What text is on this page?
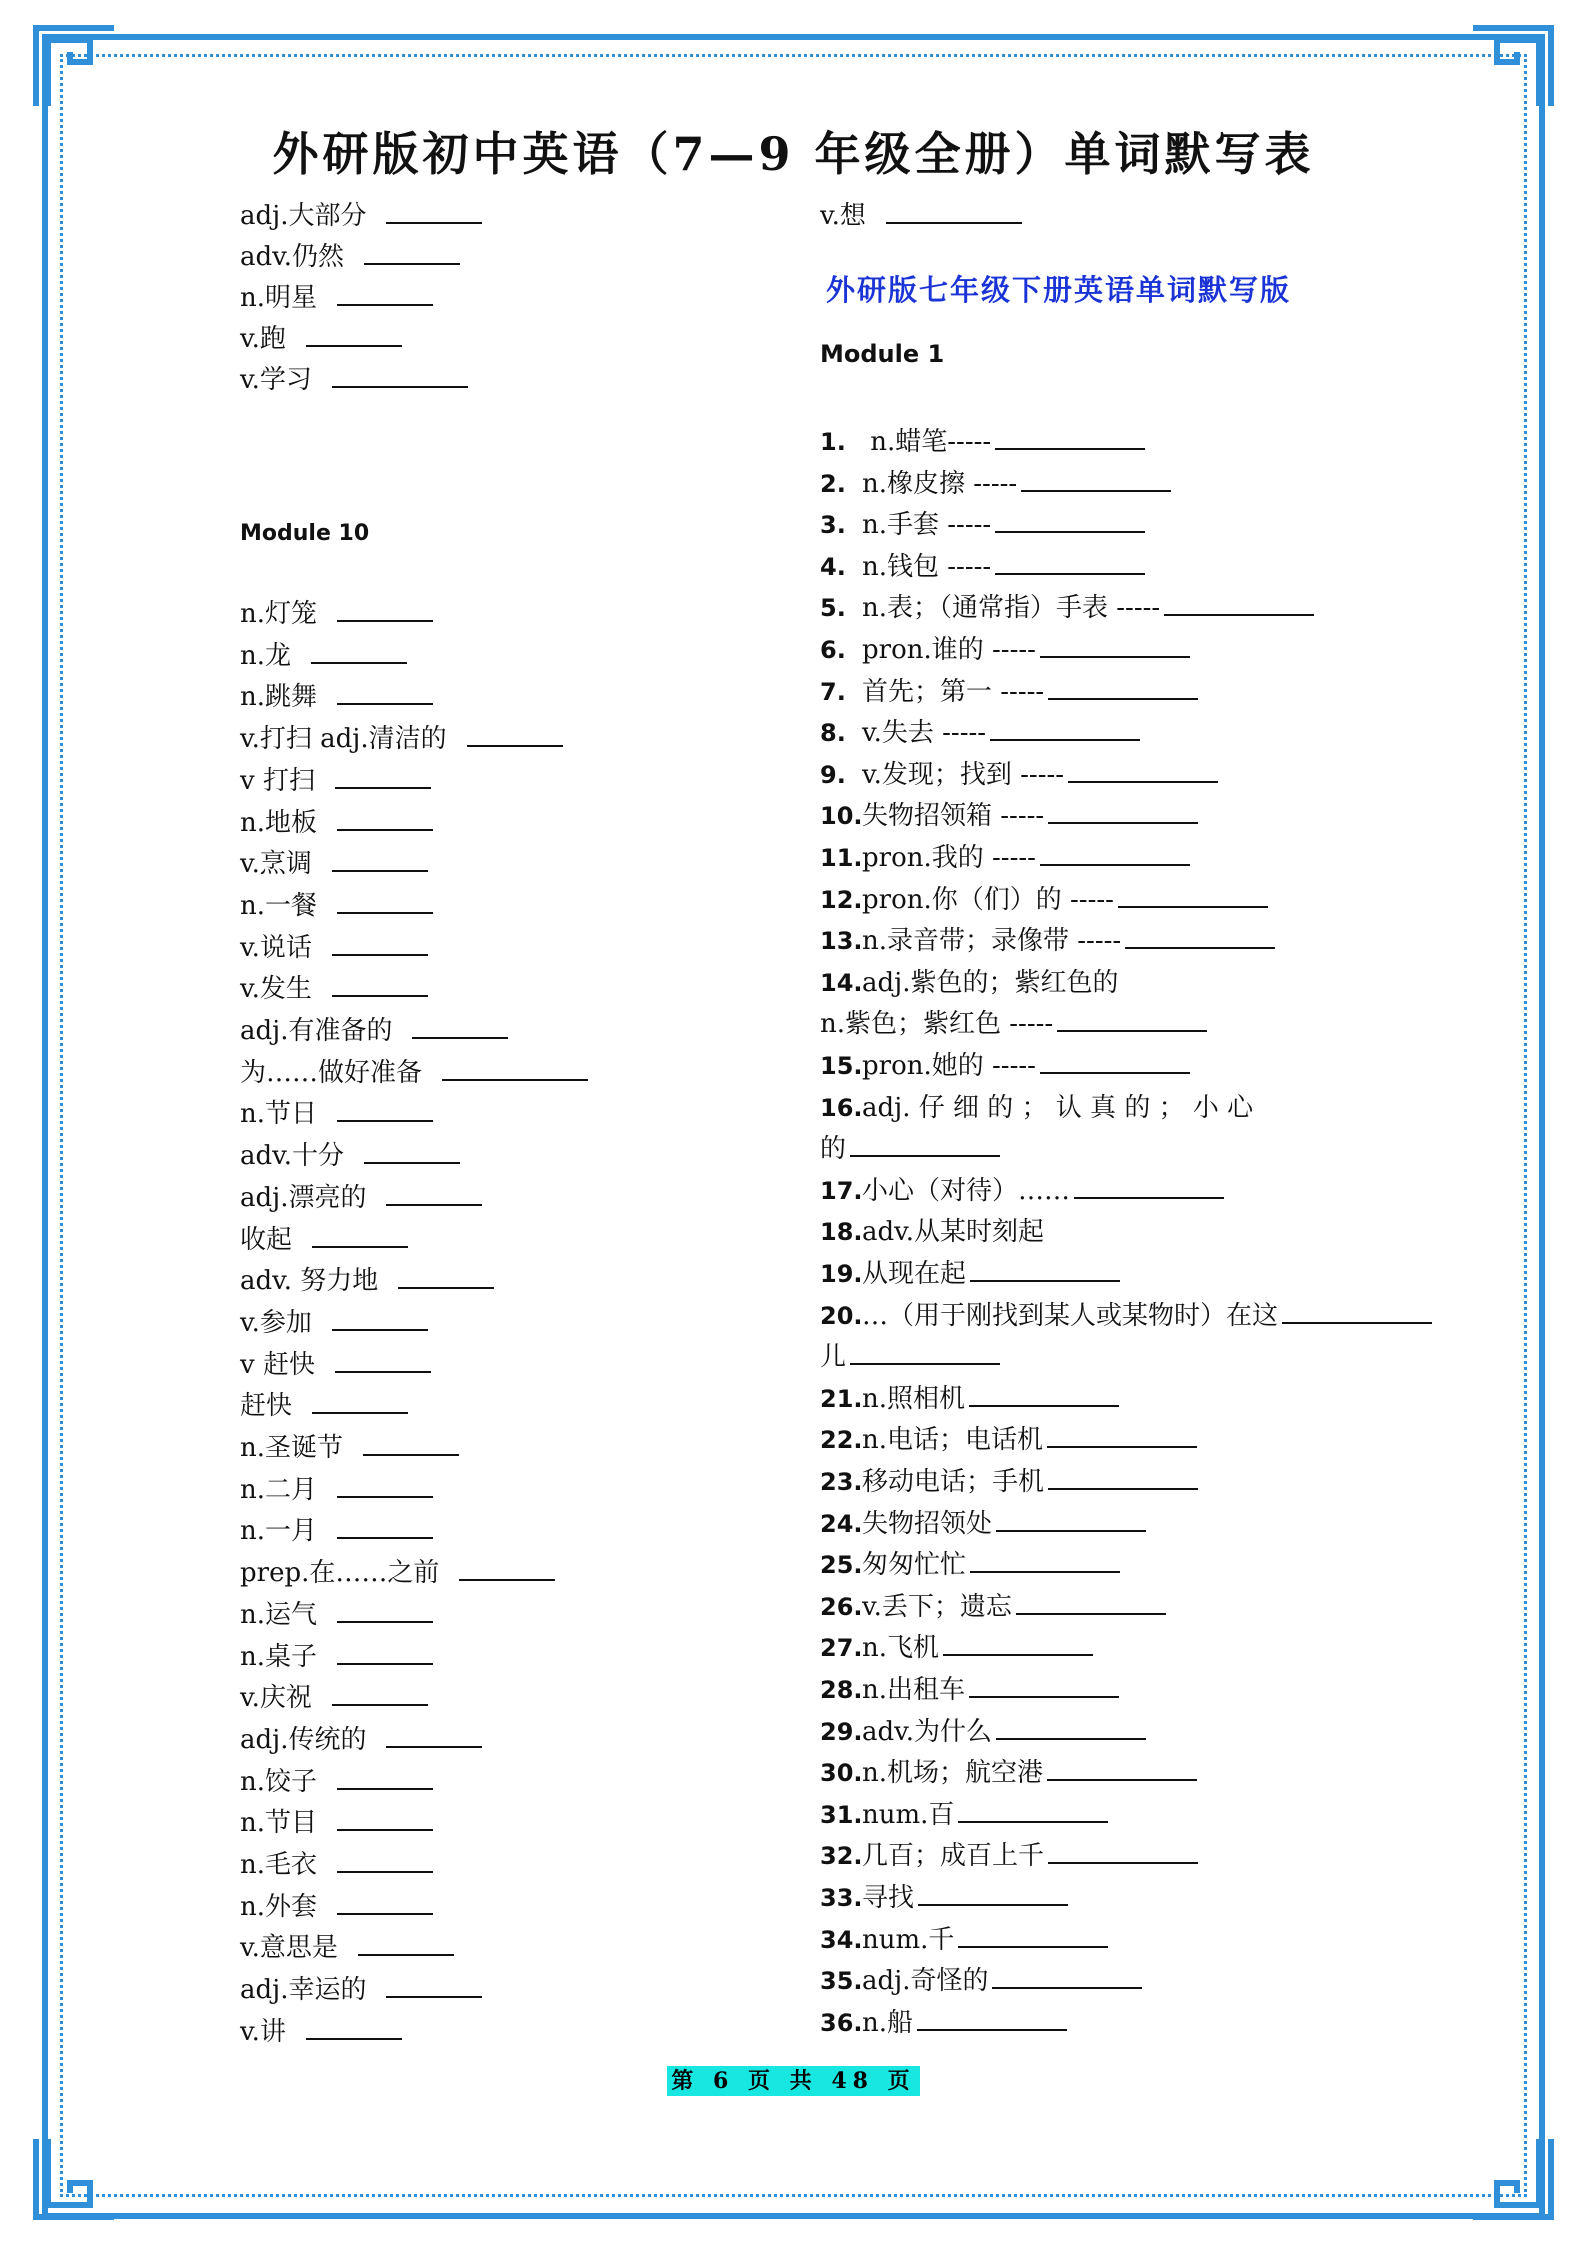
外研版初中英语（7—9 年级全册）单词默写表
adj.大部分
adv.仍然
n.明星
v.跑
v.学习
Module 10
n.灯笼
n.龙
n.跳舞
v.打扫 adj.清洁的
v 打扫
n.地板
v.烹调
n.一餐
v.说话
v.发生
adj.有准备的
为……做好准备
n.节日
adv.十分
adj.漂亮的
收起
adv. 努力地
v.参加
v 赶快
赶快
n.圣诞节
n.二月
n.一月
prep.在……之前
n.运气
n.桌子
v.庆祝
adj.传统的
n.饺子
n.节目
n.毛衣
n.外套
v.意思是
adj.幸运的
v.讲
v.想
外研版七年级下册英语单词默写版
Module 1
1. n.蜡笔-----
2. n.橡皮擦 -----
3. n.手套 -----
4. n.钱包 -----
5. n.表；（通常指）手表 -----
6. pron.谁的 -----
7. 首先；第一 -----
8. v.失去 -----
9. v.发现；找到 -----
10.失物招领箱 -----
11.pron.我的 -----
12.pron.你（们）的 -----
13.n.录音带；录像带 -----
14.adj.紫色的；紫红色的
n.紫色；紫红色 -----
15.pron.她的 -----
16.adj. 仔 细 的 ； 认 真 的 ； 小 心
的
17.小心（对待）……
18.adv.从某时刻起
19.从现在起
20.…（用于刚找到某人或某物时）在这
儿
21.n.照相机
22.n.电话；电话机
23.移动电话；手机
24.失物招领处
25.匆匆忙忙
26.v.丢下；遗忘
27.n.飞机
28.n.出租车
29.adv.为什么
30.n.机场；航空港
31.num.百
32.几百；成百上千
33.寻找
34.num.千
35.adj.奇怪的
36.n.船
第 6 页 共 48 页
